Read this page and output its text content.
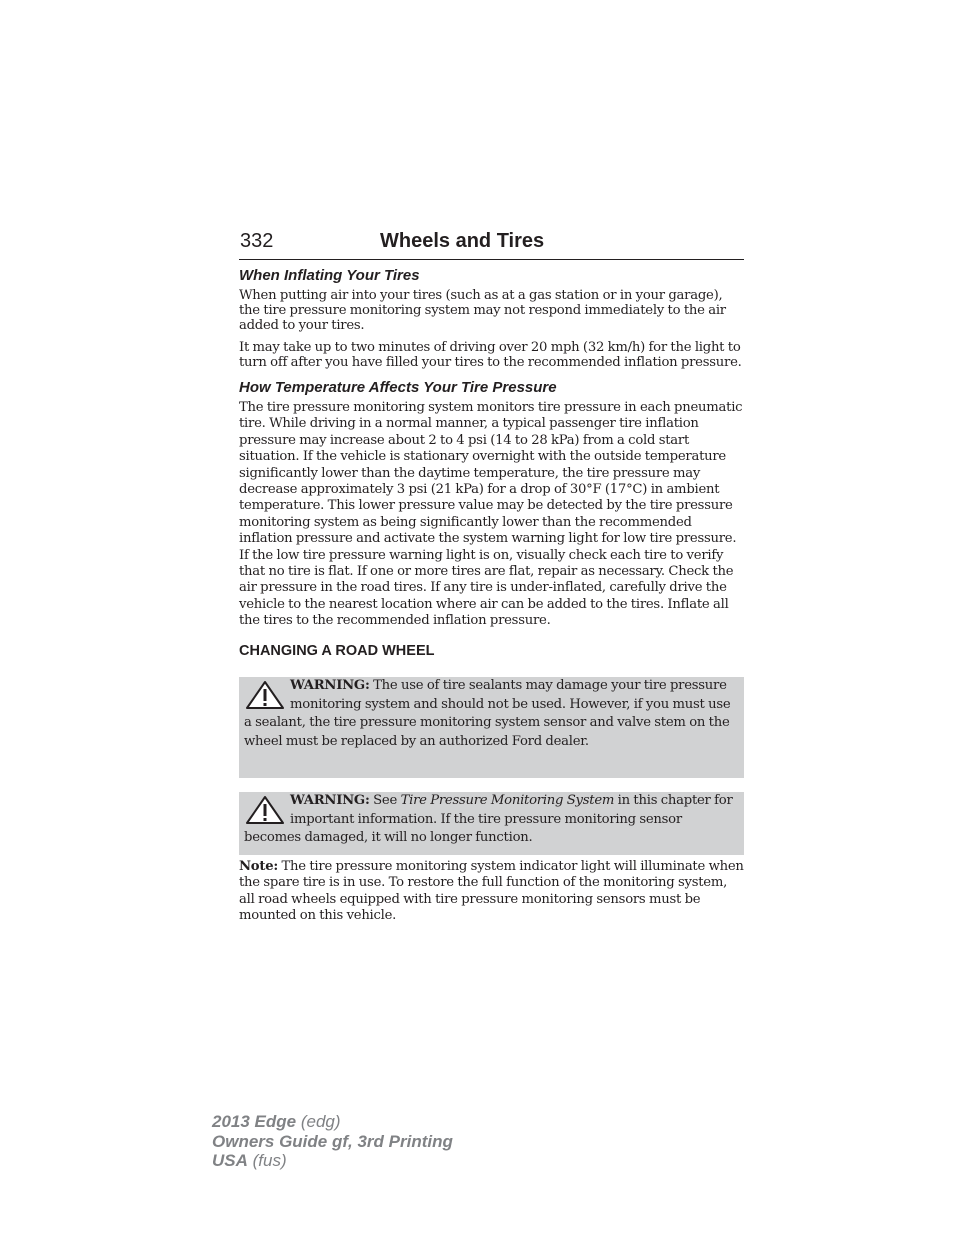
332	Wheels and Tires
When Inflating Your Tires

When putting air into your tires (such as at a gas station or in your garage), the tire pressure monitoring system may not respond immediately to the air added to your tires.

It may take up to two minutes of driving over 20 mph (32 km/h) for the light to turn off after you have filled your tires to the recommended inflation pressure.

How Temperature Affects Your Tire Pressure

The tire pressure monitoring system monitors tire pressure in each pneumatic tire. While driving in a normal manner, a typical passenger tire inflation pressure may increase about 2 to 4 psi (14 to 28 kPa) from a cold start situation. If the vehicle is stationary overnight with the outside temperature significantly lower than the daytime temperature, the tire pressure may decrease approximately 3 psi (21 kPa) for a drop of 30°F (17°C) in ambient temperature. This lower pressure value may be detected by the tire pressure monitoring system as being significantly lower than the recommended inflation pressure and activate the system warning light for low tire pressure. If the low tire pressure warning light is on, visually check each tire to verify that no tire is flat. If one or more tires are flat, repair as necessary. Check the air pressure in the road tires. If any tire is under-inflated, carefully drive the vehicle to the nearest location where air can be added to the tires. Inflate all the tires to the recommended inflation pressure.

CHANGING A ROAD WHEEL
WARNING: The use of tire sealants may damage your tire pressure monitoring system and should not be used. However, if you must use a sealant, the tire pressure monitoring system sensor and valve stem on the wheel must be replaced by an authorized Ford dealer.
WARNING: See Tire Pressure Monitoring System in this chapter for important information. If the tire pressure monitoring sensor becomes damaged, it will no longer function.

Note: The tire pressure monitoring system indicator light will illuminate when the spare tire is in use. To restore the full function of the monitoring system, all road wheels equipped with tire pressure monitoring sensors must be mounted on this vehicle.

2013 Edge (edg)
Owners Guide gf, 3rd Printing
USA (fus)
